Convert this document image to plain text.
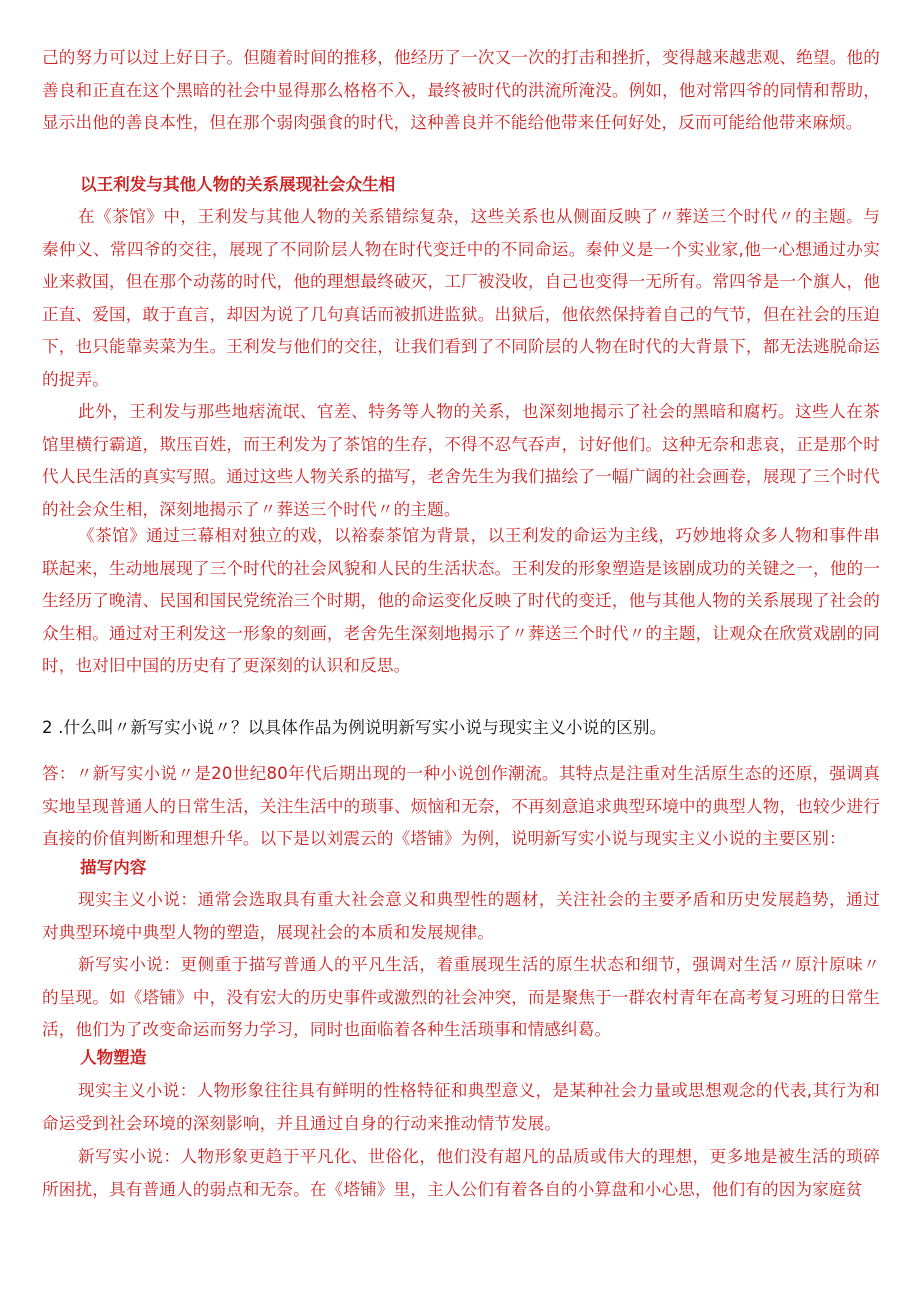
己的努力可以过上好日子。但随着时间的推移，他经历了一次又一次的打击和挫折，变得越来越悲观、绝望。他的善良和正直在这个黑暗的社会中显得那么格格不入，最终被时代的洪流所淹没。例如，他对常四爷的同情和帮助，显示出他的善良本性，但在那个弱肉强食的时代，这种善良并不能给他带来任何好处，反而可能给他带来麻烦。

以王利发与其他人物的关系展现社会众生相

在《茶馆》中，王利发与其他人物的关系错综复杂，这些关系也从侧面反映了〃葬送三个时代〃的主题。与秦仲义、常四爷的交往，展现了不同阶层人物在时代变迁中的不同命运。秦仲义是一个实业家,他一心想通过办实业来救国，但在那个动荡的时代，他的理想最终破灭，工厂被没收，自己也变得一无所有。常四爷是一个旗人，他正直、爱国，敢于直言，却因为说了几句真话而被抓进监狱。出狱后，他依然保持着自己的气节，但在社会的压迫下，也只能靠卖菜为生。王利发与他们的交往，让我们看到了不同阶层的人物在时代的大背景下，都无法逃脱命运的捉弄。

此外，王利发与那些地痞流氓、官差、特务等人物的关系，也深刻地揭示了社会的黑暗和腐朽。这些人在茶馆里横行霸道，欺压百姓，而王利发为了茶馆的生存，不得不忍气吞声，讨好他们。这种无奈和悲哀，正是那个时代人民生活的真实写照。通过这些人物关系的描写，老舍先生为我们描绘了一幅广阔的社会画卷，展现了三个时代的社会众生相，深刻地揭示了〃葬送三个时代〃的主题。

《茶馆》通过三幕相对独立的戏，以裕泰茶馆为背景，以王利发的命运为主线，巧妙地将众多人物和事件串联起来，生动地展现了三个时代的社会风貌和人民的生活状态。王利发的形象塑造是该剧成功的关键之一，他的一生经历了晚清、民国和国民党统治三个时期，他的命运变化反映了时代的变迁，他与其他人物的关系展现了社会的众生相。通过对王利发这一形象的刻画，老舍先生深刻地揭示了〃葬送三个时代〃的主题，让观众在欣赏戏剧的同时，也对旧中国的历史有了更深刻的认识和反思。

2 .什么叫〃新写实小说〃？以具体作品为例说明新写实小说与现实主义小说的区别。

答：〃新写实小说〃是20世纪80年代后期出现的一种小说创作潮流。其特点是注重对生活原生态的还原，强调真实地呈现普通人的日常生活，关注生活中的琐事、烦恼和无奈，不再刻意追求典型环境中的典型人物，也较少进行直接的价值判断和理想升华。以下是以刘震云的《塔铺》为例，说明新写实小说与现实主义小说的主要区别：

描写内容

现实主义小说：通常会选取具有重大社会意义和典型性的题材，关注社会的主要矛盾和历史发展趋势，通过对典型环境中典型人物的塑造，展现社会的本质和发展规律。

新写实小说：更侧重于描写普通人的平凡生活，着重展现生活的原生状态和细节，强调对生活〃原汁原味〃的呈现。如《塔铺》中，没有宏大的历史事件或激烈的社会冲突，而是聚焦于一群农村青年在高考复习班的日常生活，他们为了改变命运而努力学习，同时也面临着各种生活琐事和情感纠葛。

人物塑造

现实主义小说：人物形象往往具有鲜明的性格特征和典型意义，是某种社会力量或思想观念的代表,其行为和命运受到社会环境的深刻影响，并且通过自身的行动来推动情节发展。

新写实小说：人物形象更趋于平凡化、世俗化，他们没有超凡的品质或伟大的理想，更多地是被生活的琐碎所困扰，具有普通人的弱点和无奈。在《塔铺》里，主人公们有着各自的小算盘和小心思，他们有的因为家庭贫
